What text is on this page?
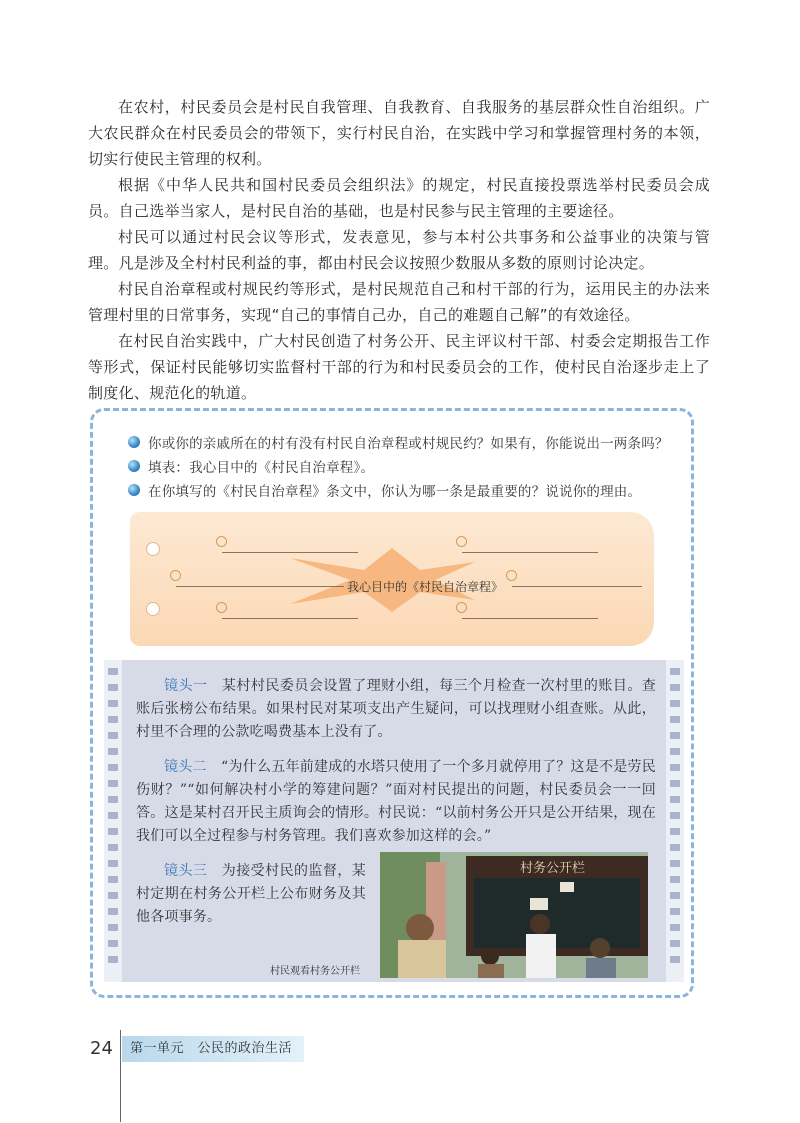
在农村，村民委员会是村民自我管理、自我教育、自我服务的基层群众性自治组织。广大农民群众在村民委员会的带领下，实行村民自治，在实践中学习和掌握管理村务的本领，切实行使民主管理的权利。

根据《中华人民共和国村民委员会组织法》的规定，村民直接投票选举村民委员会成员。自己选举当家人，是村民自治的基础，也是村民参与民主管理的主要途径。

村民可以通过村民会议等形式，发表意见，参与本村公共事务和公益事业的决策与管理。凡是涉及全村村民利益的事，都由村民会议按照少数服从多数的原则讨论决定。

村民自治章程或村规民约等形式，是村民规范自己和村干部的行为，运用民主的办法来管理村里的日常事务，实现“自己的事情自己办，自己的难题自己解”的有效途径。

在村民自治实践中，广大村民创造了村务公开、民主评议村干部、村委会定期报告工作等形式，保证村民能够切实监督村干部的行为和村民委员会的工作，使村民自治逐步走上了制度化、规范化的轨道。

你或你的亲戚所在的村有没有村民自治章程或村规民约？如果有，你能说出一两条吗？
填表：我心目中的《村民自治章程》。
在你填写的《村民自治章程》条文中，你认为哪一条是最重要的？说说你的理由。
我心目中的《村民自治章程》

镜头一　 某村村民委员会设置了理财小组，每三个月检查一次村里的账目。查账后张榜公布结果。如果村民对某项支出产生疑问，可以找理财小组查账。从此，村里不合理的公款吃喝费基本上没有了。

镜头二　 “为什么五年前建成的水塔只使用了一个多月就停用了？这是不是劳民伤财？”“如何解决村小学的筹建问题？”面对村民提出的问题，村民委员会一一回答。这是某村召开民主质询会的情形。村民说：“以前村务公开只是公开结果，现在我们可以全过程参与村务管理。我们喜欢参加这样的会。”

镜头三　 为接受村民的监督，某村定期在村务公开栏上公布财务及其他各项事务。

村务公开栏
村民观看村务公开栏
24	第一单元　公民的政治生活
